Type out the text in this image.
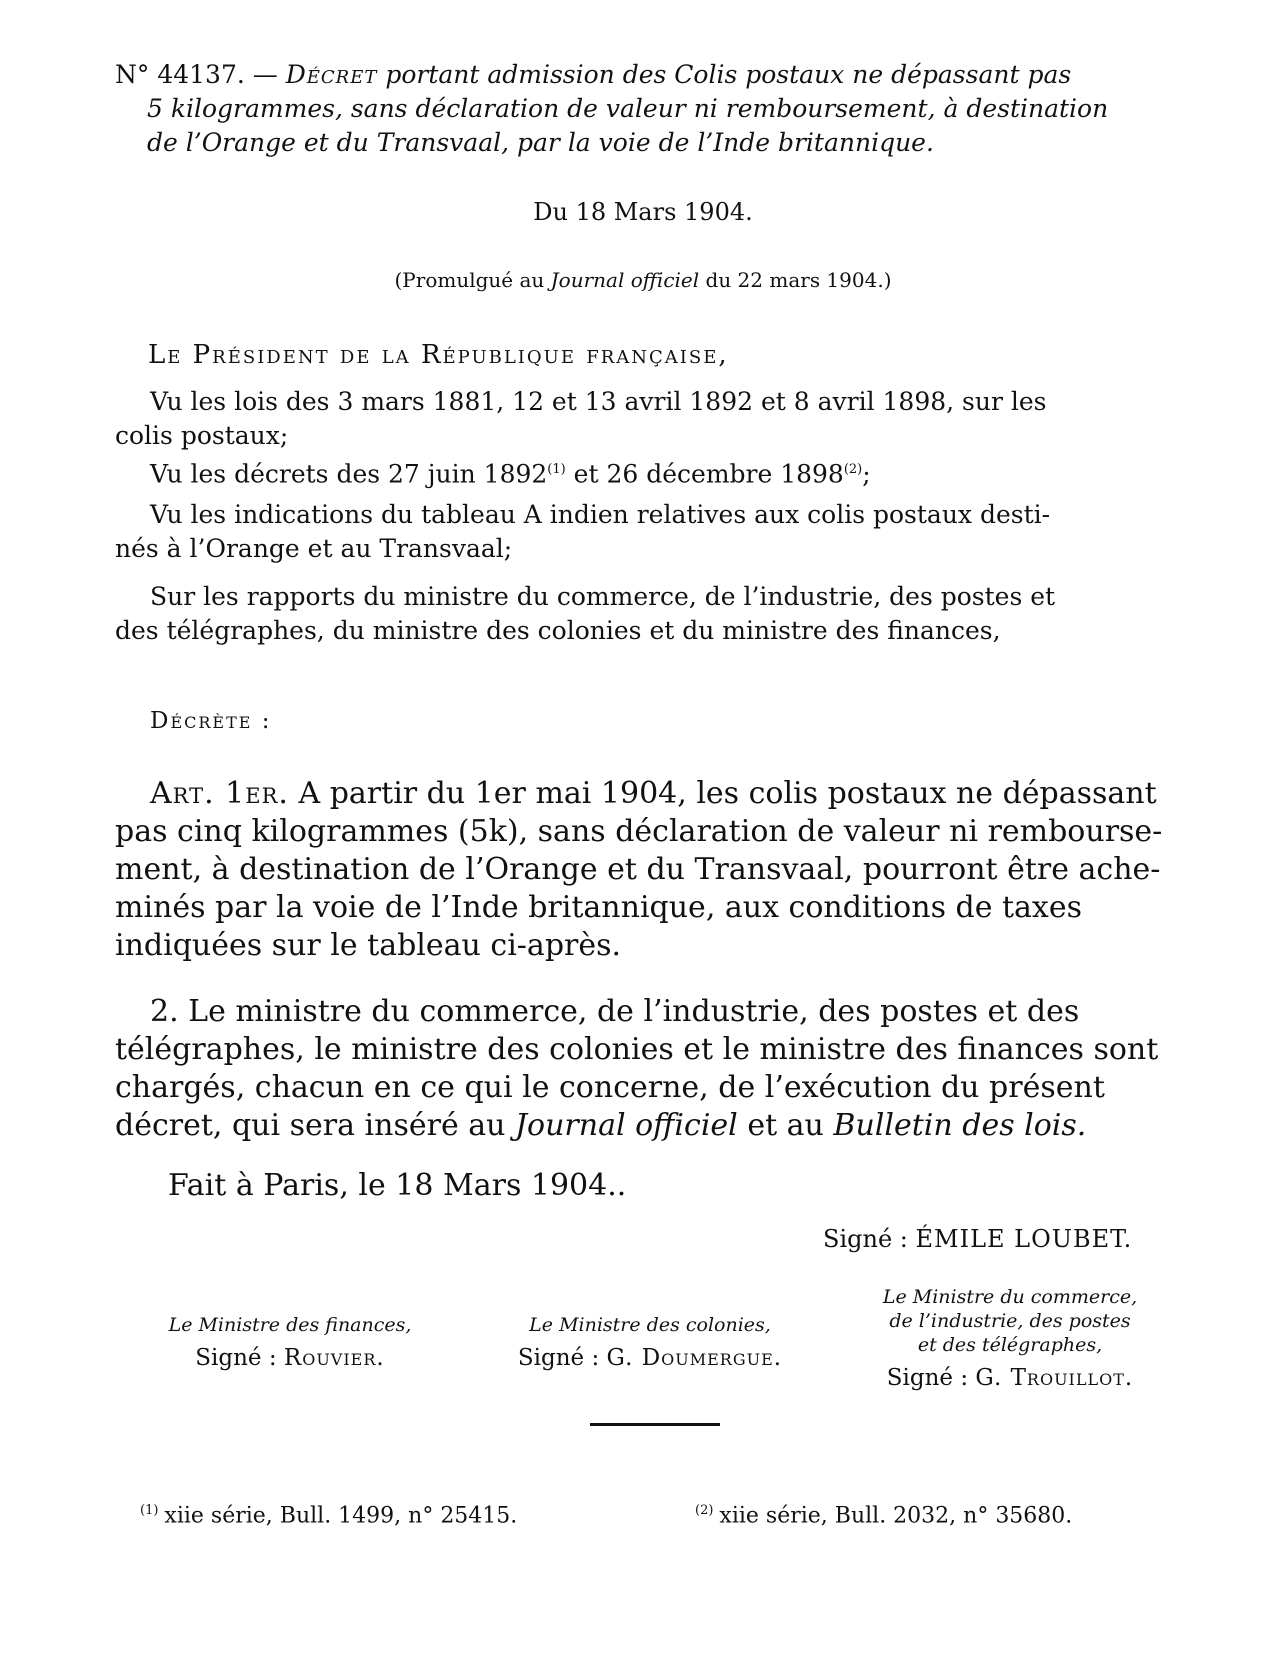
N° 44137. — Décret portant admission des Colis postaux ne dépassant pas
5 kilogrammes, sans déclaration de valeur ni remboursement, à destination
de l’Orange et du Transvaal, par la voie de l’Inde britannique.
Du 18 Mars 1904.
(Promulgué au Journal officiel du 22 mars 1904.)
Le Président de la République française,
Vu les lois des 3 mars 1881, 12 et 13 avril 1892 et 8 avril 1898, sur les
colis postaux;
Vu les décrets des 27 juin 1892$^{(1)}$ et 26 décembre 1898$^{(2)}$;
Vu les indications du tableau A indien relatives aux colis postaux desti-
nés à l’Orange et au Transvaal;
Sur les rapports du ministre du commerce, de l’industrie, des postes et
des télégraphes, du ministre des colonies et du ministre des finances,
Décrète :
Art. 1er. A partir du 1er mai 1904, les colis postaux ne dépassant
pas cinq kilogrammes (5k), sans déclaration de valeur ni rembourse-
ment, à destination de l’Orange et du Transvaal, pourront être ache-
minés par la voie de l’Inde britannique, aux conditions de taxes
indiquées sur le tableau ci-après.
2. Le ministre du commerce, de l’industrie, des postes et des
télégraphes, le ministre des colonies et le ministre des finances sont
chargés, chacun en ce qui le concerne, de l’exécution du présent
décret, qui sera inséré au Journal officiel et au Bulletin des lois.
Fait à Paris, le 18 Mars 1904..
Signé : ÉMILE LOUBET.
Le Ministre des finances,
Signé : Rouvier.
Le Ministre des colonies,
Signé : G. Doumergue.
Le Ministre du commerce,
de l’industrie, des postes
et des télégraphes,
Signé : G. Trouillot.
$^{(1)}$ xiie série, Bull. 1499, n° 25415.	$^{(2)}$ xiie série, Bull. 2032, n° 35680.
